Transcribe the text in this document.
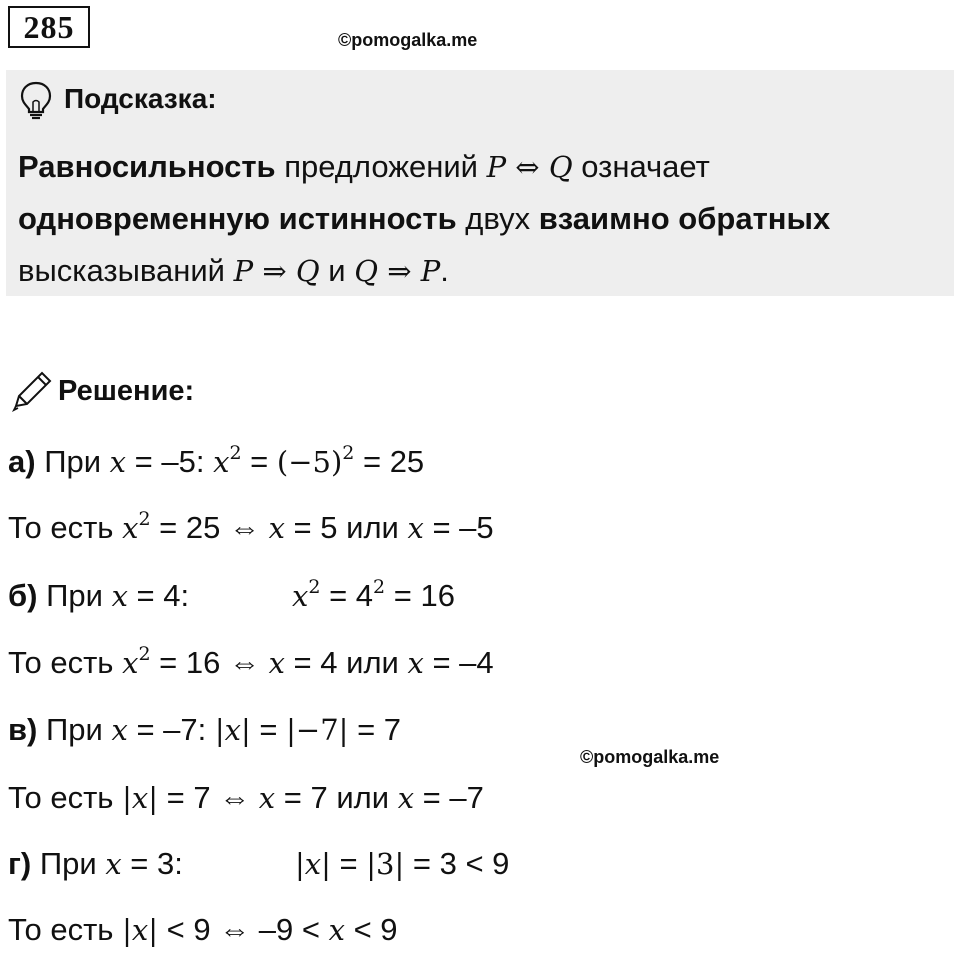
285	©pomogalka.me
Подсказка:
Равносильность предложений P ⇔ Q означает
одновременную истинность двух взаимно обратных
высказываний P ⇒ Q и Q ⇒ P.
Решение:
а) При x = –5: $x^2 = (-5)^2 = 25$
То есть $x^2 = 25$ ⇔ x = 5 или x = –5
б) При x = 4:	$x^2 = 4^2 = 16$
То есть $x^2 = 16$ ⇔ x = 4 или x = –4
в) При x = –7: |x| = |−7| = 7
©pomogalka.me
То есть |x| = 7 ⇔ x = 7 или x = –7
г) При x = 3:	|x| = |3| = 3 < 9
То есть |x| < 9 ⇔ –9 < x < 9
